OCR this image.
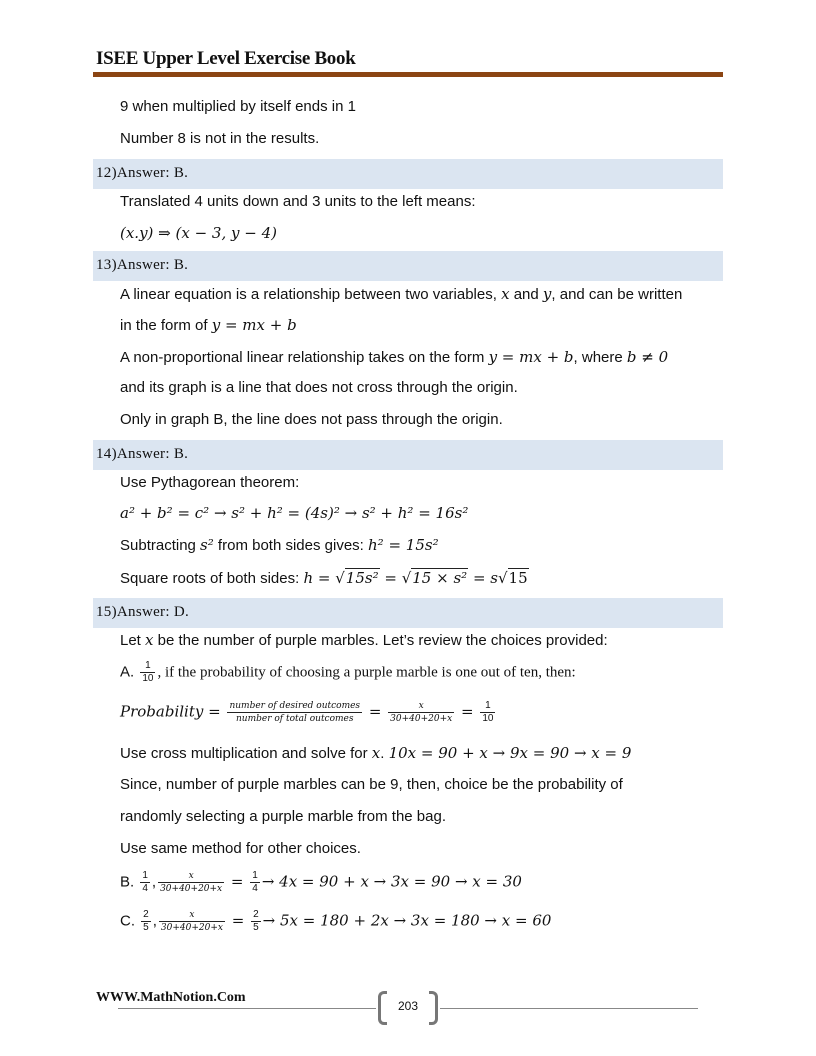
ISEE Upper Level Exercise Book
9 when multiplied by itself ends in 1
Number 8 is not in the results.
12)Answer: B.
Translated 4 units down and 3 units to the left means:
(x.y) ⇒ (x − 3, y − 4)
13)Answer: B.
A linear equation is a relationship between two variables, x and y, and can be written
in the form of y = mx + b
A non-proportional linear relationship takes on the form y = mx + b, where b ≠ 0
and its graph is a line that does not cross through the origin.
Only in graph B, the line does not pass through the origin.
14)Answer: B.
Use Pythagorean theorem:
a² + b² = c² → s² + h² = (4s)² → s² + h² = 16s²
Subtracting s² from both sides gives: h² = 15s²
Square roots of both sides: h = √15s² = √15 × s² = s√15
15)Answer: D.
Let x be the number of purple marbles. Let’s review the choices provided:
A. $\frac{1}{10}$ , if the probability of choosing a purple marble is one out of ten, then:
Probability = $\frac{\text{number of desired outcomes}}{\text{number of total outcomes}} = \frac{x}{30+40+20+x} = \frac{1}{10}$
Use cross multiplication and solve for x. 10x = 90 + x → 9x = 90 → x = 9
Since, number of purple marbles can be 9, then, choice be the probability of
randomly selecting a purple marble from the bag.
Use same method for other choices.
B. $\frac{1}{4}$ , $\frac{x}{30+40+20+x} = \frac{1}{4} \to 4x = 90 + x \to 3x = 90 \to x = 30$
C. $\frac{2}{5}$ , $\frac{x}{30+40+20+x} = \frac{2}{5} \to 5x = 180 + 2x \to 3x = 180 \to x = 60$
WWW.MathNotion.Com
203
